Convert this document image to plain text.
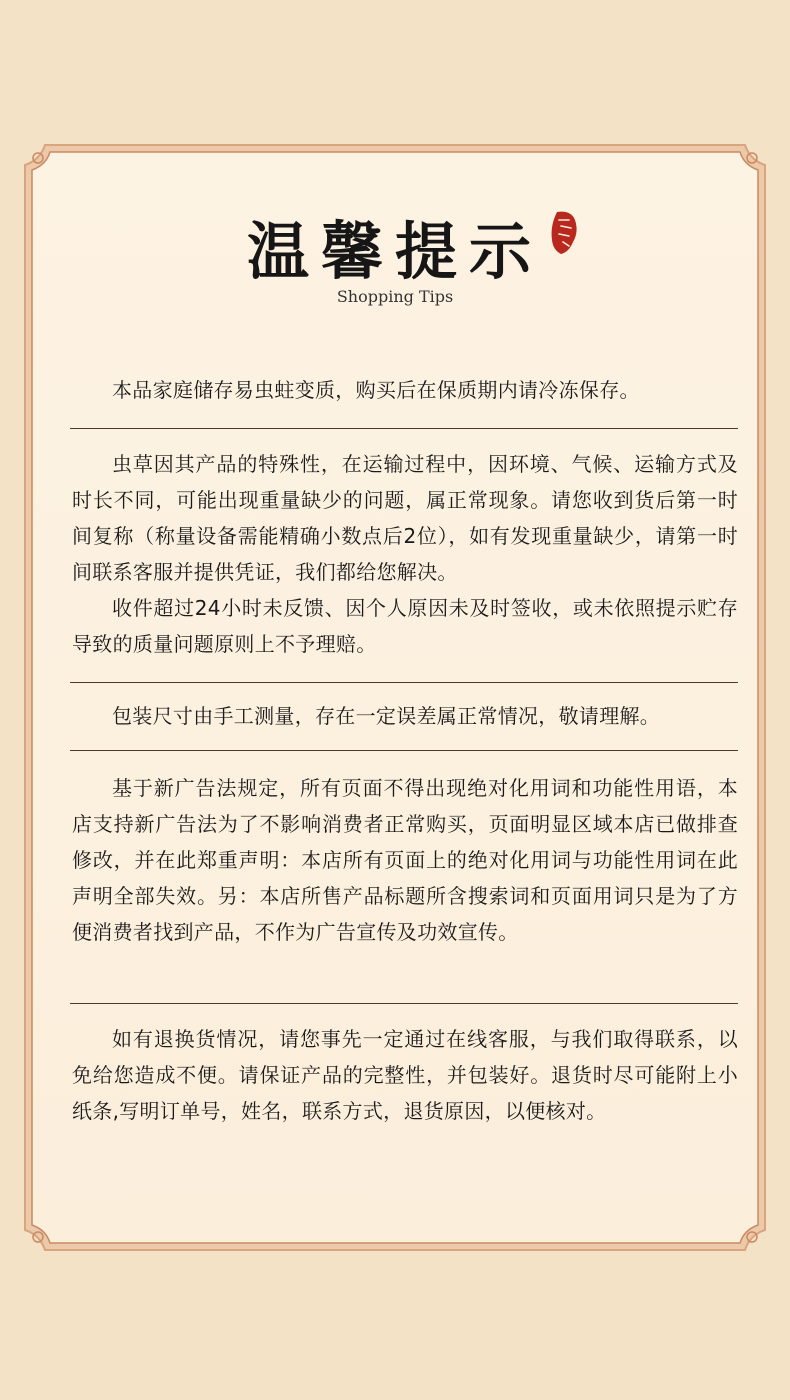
温馨提示
Shopping Tips

本品家庭储存易虫蛀变质，购买后在保质期内请冷冻保存。

虫草因其产品的特殊性，在运输过程中，因环境、气候、运输方式及时长不同，可能出现重量缺少的问题，属正常现象。请您收到货后第一时间复称（称量设备需能精确小数点后2位），如有发现重量缺少，请第一时间联系客服并提供凭证，我们都给您解决。

收件超过24小时未反馈、因个人原因未及时签收，或未依照提示贮存导致的质量问题原则上不予理赔。

包装尺寸由手工测量，存在一定误差属正常情况，敬请理解。

基于新广告法规定，所有页面不得出现绝对化用词和功能性用语，本店支持新广告法为了不影响消费者正常购买，页面明显区域本店已做排查修改，并在此郑重声明：本店所有页面上的绝对化用词与功能性用词在此声明全部失效。另：本店所售产品标题所含搜索词和页面用词只是为了方便消费者找到产品，不作为广告宣传及功效宣传。

如有退换货情况，请您事先一定通过在线客服，与我们取得联系，以免给您造成不便。请保证产品的完整性，并包装好。退货时尽可能附上小纸条,写明订单号，姓名，联系方式，退货原因，以便核对。
